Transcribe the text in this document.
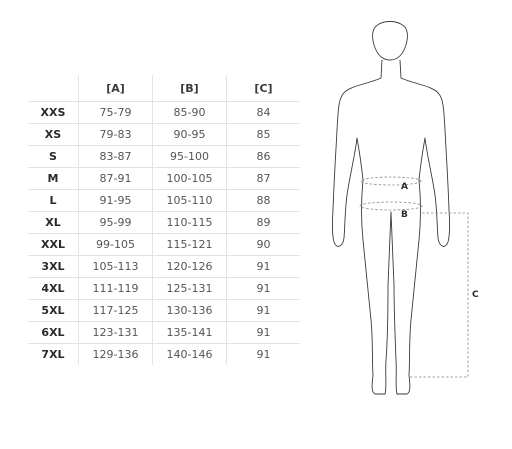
	[A]	[B]	[C]
XXS	75-79	85-90	84
XS	79-83	90-95	85
S	83-87	95-100	86
M	87-91	100-105	87
L	91-95	105-110	88
XL	95-99	110-115	89
XXL	99-105	115-121	90
3XL	105-113	120-126	91
4XL	111-119	125-131	91
5XL	117-125	130-136	91
6XL	123-131	135-141	91
7XL	129-136	140-146	91
A
B
C
